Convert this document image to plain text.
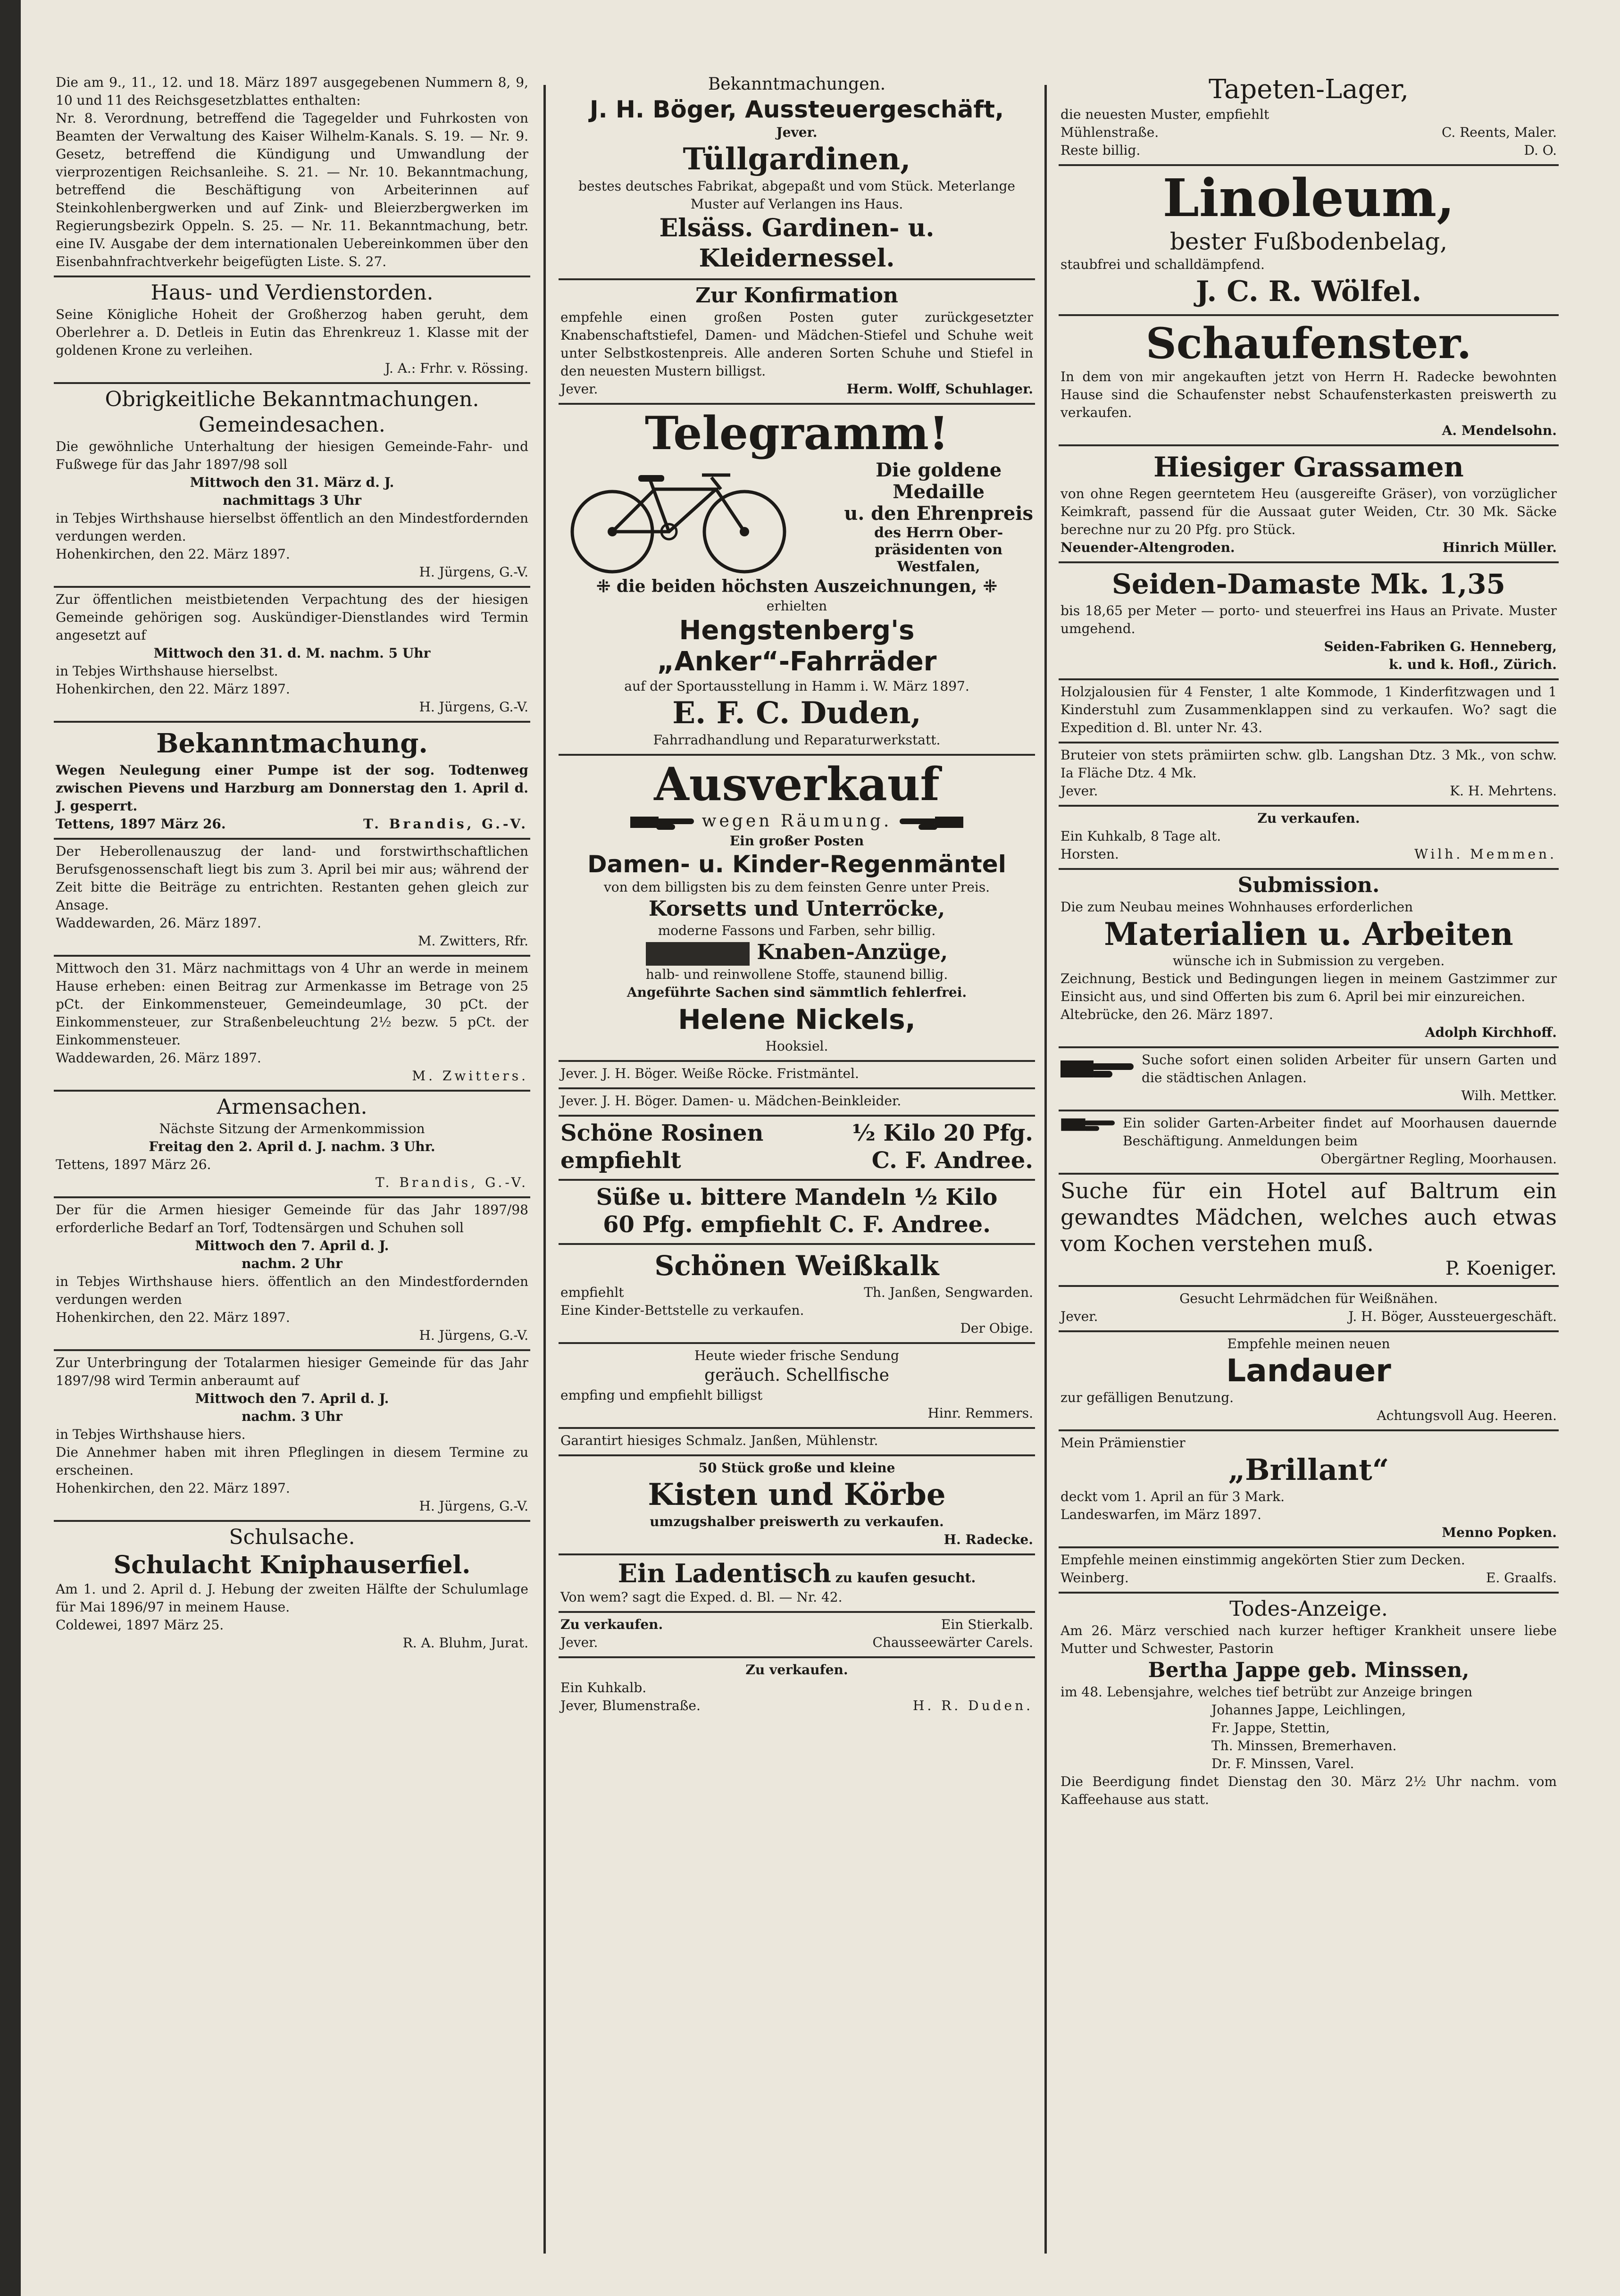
Die am 9., 11., 12. und 18. März 1897 ausgegebenen Nummern 8, 9, 10 und 11 des Reichsgesetzblattes enthalten:

Nr. 8. Verordnung, betreffend die Tagegelder und Fuhrkosten von Beamten der Verwaltung des Kaiser Wilhelm-Kanals. S. 19. — Nr. 9. Gesetz, betreffend die Kündigung und Umwandlung der vierprozentigen Reichsanleihe. S. 21. — Nr. 10. Bekanntmachung, betreffend die Beschäftigung von Arbeiterinnen auf Steinkohlenbergwerken und auf Zink- und Bleierzbergwerken im Regierungsbezirk Oppeln. S. 25. — Nr. 11. Bekanntmachung, betr. eine IV. Ausgabe der dem internationalen Uebereinkommen über den Eisenbahnfrachtverkehr beigefügten Liste. S. 27.

Haus- und Verdienstorden.

Seine Königliche Hoheit der Großherzog haben geruht, dem Oberlehrer a. D. Detleis in Eutin das Ehrenkreuz 1. Klasse mit der goldenen Krone zu verleihen.

J. A.: Frhr. v. Rössing.

Obrigkeitliche Bekanntmachungen.

Gemeindesachen.

Die gewöhnliche Unterhaltung der hiesigen Gemeinde-Fahr- und Fußwege für das Jahr 1897/98 soll

Mittwoch den 31. März d. J.

nachmittags 3 Uhr

in Tebjes Wirthshause hierselbst öffentlich an den Mindestfordernden verdungen werden.

Hohenkirchen, den 22. März 1897.

H. Jürgens, G.-V.

Zur öffentlichen meistbietenden Verpachtung des der hiesigen Gemeinde gehörigen sog. Auskündiger-Dienstlandes wird Termin angesetzt auf

Mittwoch den 31. d. M. nachm. 5 Uhr

in Tebjes Wirthshause hierselbst.

Hohenkirchen, den 22. März 1897.

H. Jürgens, G.-V.

Bekanntmachung.

Wegen Neulegung einer Pumpe ist der sog. Todtenweg zwischen Pievens und Harzburg am Donnerstag den 1. April d. J. gesperrt.

Tettens, 1897 März 26.	T. Brandis, G.-V.

Der Heberollenauszug der land- und forstwirthschaftlichen Berufsgenossenschaft liegt bis zum 3. April bei mir aus; während der Zeit bitte die Beiträge zu entrichten. Restanten gehen gleich zur Ansage.

Waddewarden, 26. März 1897.

M. Zwitters, Rfr.

Mittwoch den 31. März nachmittags von 4 Uhr an werde in meinem Hause erheben: einen Beitrag zur Armenkasse im Betrage von 25 pCt. der Einkommensteuer, Gemeindeumlage, 30 pCt. der Einkommensteuer, zur Straßenbeleuchtung 2½ bezw. 5 pCt. der Einkommensteuer.

Waddewarden, 26. März 1897.

M. Zwitters.

Armensachen.

Nächste Sitzung der Armenkommission

Freitag den 2. April d. J. nachm. 3 Uhr.

Tettens, 1897 März 26.

T. Brandis, G.-V.

Der für die Armen hiesiger Gemeinde für das Jahr 1897/98 erforderliche Bedarf an Torf, Todtensärgen und Schuhen soll

Mittwoch den 7. April d. J.

nachm. 2 Uhr

in Tebjes Wirthshause hiers. öffentlich an den Mindestfordernden verdungen werden

Hohenkirchen, den 22. März 1897.

H. Jürgens, G.-V.

Zur Unterbringung der Totalarmen hiesiger Gemeinde für das Jahr 1897/98 wird Termin anberaumt auf

Mittwoch den 7. April d. J.

nachm. 3 Uhr

in Tebjes Wirthshause hiers.

Die Annehmer haben mit ihren Pfleglingen in diesem Termine zu erscheinen.

Hohenkirchen, den 22. März 1897.

H. Jürgens, G.-V.

Schulsache.

Schulacht Kniphauserfiel.

Am 1. und 2. April d. J. Hebung der zweiten Hälfte der Schulumlage für Mai 1896/97 in meinem Hause.

Coldewei, 1897 März 25.

R. A. Bluhm, Jurat.

Bekanntmachungen.

J. H. Böger, Aussteuergeschäft,

Jever.

Tüllgardinen,

bestes deutsches Fabrikat, abgepaßt und vom Stück. Meterlange Muster auf Verlangen ins Haus.

Elsäss. Gardinen- u. Kleidernessel.

Zur Konfirmation

empfehle einen großen Posten guter zurückgesetzter Knabenschaftstiefel, Damen- und Mädchen-Stiefel und Schuhe weit unter Selbstkostenpreis. Alle anderen Sorten Schuhe und Stiefel in den neuesten Mustern billigst.

Jever.	Herm. Wolff, Schuhlager.

Telegramm!

Die goldene

Medaille

u. den Ehrenpreis

des Herrn Ober-

präsidenten von

Westfalen,

⁜ die beiden höchsten Auszeichnungen, ⁜

erhielten

Hengstenberg's

„Anker“-Fahrräder

auf der Sportausstellung in Hamm i. W. März 1897.

E. F. C. Duden,

Fahrradhandlung und Reparaturwerkstatt.

Ausverkauf

wegen Räumung.

Ein großer Posten

Damen- u. Kinder-Regenmäntel

von dem billigsten bis zu dem feinsten Genre unter Preis.

Korsetts und Unterröcke,

moderne Fassons und Farben, sehr billig.

Knaben-Anzüge,

halb- und reinwollene Stoffe, staunend billig.

Angeführte Sachen sind sämmtlich fehlerfrei.

Helene Nickels,

Hooksiel.

Jever. J. H. Böger. Weiße Röcke. Fristmäntel.

Jever. J. H. Böger. Damen- u. Mädchen-Beinkleider.

Schöne Rosinen	½ Kilo 20 Pfg.
empfiehlt	C. F. Andree.

Süße u. bittere Mandeln ½ Kilo

60 Pfg. empfiehlt C. F. Andree.

Schönen Weißkalk

empfiehlt	Th. Janßen, Sengwarden.

Eine Kinder-Bettstelle zu verkaufen.

Der Obige.

Heute wieder frische Sendung

geräuch. Schellfische

empfing und empfiehlt billigst

Hinr. Remmers.

Garantirt hiesiges Schmalz. Janßen, Mühlenstr.

50 Stück große und kleine

Kisten und Körbe

umzugshalber preiswerth zu verkaufen.

H. Radecke.

Ein Ladentisch zu kaufen gesucht.

Von wem? sagt die Exped. d. Bl. — Nr. 42.

Zu verkaufen.	Ein Stierkalb.
Jever.	Chausseewärter Carels.

Zu verkaufen.

Ein Kuhkalb.

Jever, Blumenstraße.	H. R. Duden.

Tapeten-Lager,

die neuesten Muster, empfiehlt

Mühlenstraße.	C. Reents, Maler.
Reste billig.	D. O.

Linoleum,

bester Fußbodenbelag,

staubfrei und schalldämpfend.

J. C. R. Wölfel.

Schaufenster.

In dem von mir angekauften jetzt von Herrn H. Radecke bewohnten Hause sind die Schaufenster nebst Schaufensterkasten preiswerth zu verkaufen.

A. Mendelsohn.

Hiesiger Grassamen

von ohne Regen geerntetem Heu (ausgereifte Gräser), von vorzüglicher Keimkraft, passend für die Aussaat guter Weiden, Ctr. 30 Mk. Säcke berechne nur zu 20 Pfg. pro Stück.

Neuender-Altengroden.	Hinrich Müller.

Seiden-Damaste Mk. 1,35

bis 18,65 per Meter — porto- und steuerfrei ins Haus an Private. Muster umgehend.

Seiden-Fabriken G. Henneberg,

k. und k. Hofl., Zürich.

Holzjalousien für 4 Fenster, 1 alte Kommode, 1 Kinderfitzwagen und 1 Kinderstuhl zum Zusammenklappen sind zu verkaufen. Wo? sagt die Expedition d. Bl. unter Nr. 43.

Bruteier von stets prämiirten schw. glb. Langshan Dtz. 3 Mk., von schw. Ia Fläche Dtz. 4 Mk.

Jever.	K. H. Mehrtens.

Zu verkaufen.

Ein Kuhkalb, 8 Tage alt.

Horsten.	Wilh. Memmen.

Submission.

Die zum Neubau meines Wohnhauses erforderlichen

Materialien u. Arbeiten

wünsche ich in Submission zu vergeben.

Zeichnung, Bestick und Bedingungen liegen in meinem Gastzimmer zur Einsicht aus, und sind Offerten bis zum 6. April bei mir einzureichen.

Altebrücke, den 26. März 1897.

Adolph Kirchhoff.

Suche sofort einen soliden Arbeiter für unsern Garten und die städtischen Anlagen.

Wilh. Mettker.

Ein solider Garten-Arbeiter findet auf Moorhausen dauernde Beschäftigung. Anmeldungen beim

Obergärtner Regling, Moorhausen.

Suche für ein Hotel auf Baltrum ein gewandtes Mädchen, welches auch etwas vom Kochen verstehen muß.

P. Koeniger.

Gesucht Lehrmädchen für Weißnähen.

Jever.	J. H. Böger, Aussteuergeschäft.

Empfehle meinen neuen

Landauer

zur gefälligen Benutzung.

Achtungsvoll Aug. Heeren.

Mein Prämienstier

„Brillant“

deckt vom 1. April an für 3 Mark.

Landeswarfen, im März 1897.

Menno Popken.

Empfehle meinen einstimmig angekörten Stier zum Decken.

Weinberg.	E. Graalfs.

Todes-Anzeige.

Am 26. März verschied nach kurzer heftiger Krankheit unsere liebe Mutter und Schwester, Pastorin

Bertha Jappe geb. Minssen,

im 48. Lebensjahre, welches tief betrübt zur Anzeige bringen

Johannes Jappe, Leichlingen,

Fr. Jappe, Stettin,

Th. Minssen, Bremerhaven.

Dr. F. Minssen, Varel.

Die Beerdigung findet Dienstag den 30. März 2½ Uhr nachm. vom Kaffeehause aus statt.
